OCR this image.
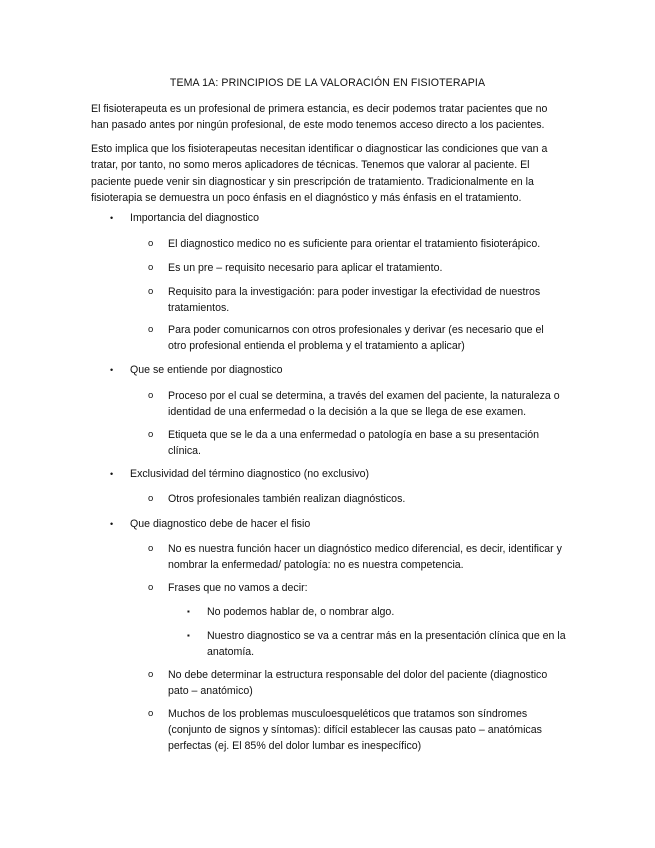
TEMA 1A: PRINCIPIOS DE LA VALORACIÓN EN FISIOTERAPIA

El fisioterapeuta es un profesional de primera estancia, es decir podemos tratar pacientes que no han pasado antes por ningún profesional, de este modo tenemos acceso directo a los pacientes.

Esto implica que los fisioterapeutas necesitan identificar o diagnosticar las condiciones que van a tratar, por tanto, no somo meros aplicadores de técnicas. Tenemos que valorar al paciente. El paciente puede venir sin diagnosticar y sin prescripción de tratamiento. Tradicionalmente en la fisioterapia se demuestra un poco énfasis en el diagnóstico y más énfasis en el tratamiento.

• Importancia del diagnostico
o El diagnostico medico no es suficiente para orientar el tratamiento fisioterápico.
o Es un pre – requisito necesario para aplicar el tratamiento.
o Requisito para la investigación: para poder investigar la efectividad de nuestros tratamientos.
o Para poder comunicarnos con otros profesionales y derivar (es necesario que el otro profesional entienda el problema y el tratamiento a aplicar)
• Que se entiende por diagnostico
o Proceso por el cual se determina, a través del examen del paciente, la naturaleza o identidad de una enfermedad o la decisión a la que se llega de ese examen.
o Etiqueta que se le da a una enfermedad o patología en base a su presentación clínica.
• Exclusividad del término diagnostico (no exclusivo)
o Otros profesionales también realizan diagnósticos.
• Que diagnostico debe de hacer el fisio
o No es nuestra función hacer un diagnóstico medico diferencial, es decir, identificar y nombrar la enfermedad/ patología: no es nuestra competencia.
o Frases que no vamos a decir:
▪ No podemos hablar de, o nombrar algo.
▪ Nuestro diagnostico se va a centrar más en la presentación clínica que en la anatomía.
o No debe determinar la estructura responsable del dolor del paciente (diagnostico pato – anatómico)
o Muchos de los problemas musculoesqueléticos que tratamos son síndromes (conjunto de signos y síntomas): difícil establecer las causas pato – anatómicas perfectas (ej. El 85% del dolor lumbar es inespecífico)
